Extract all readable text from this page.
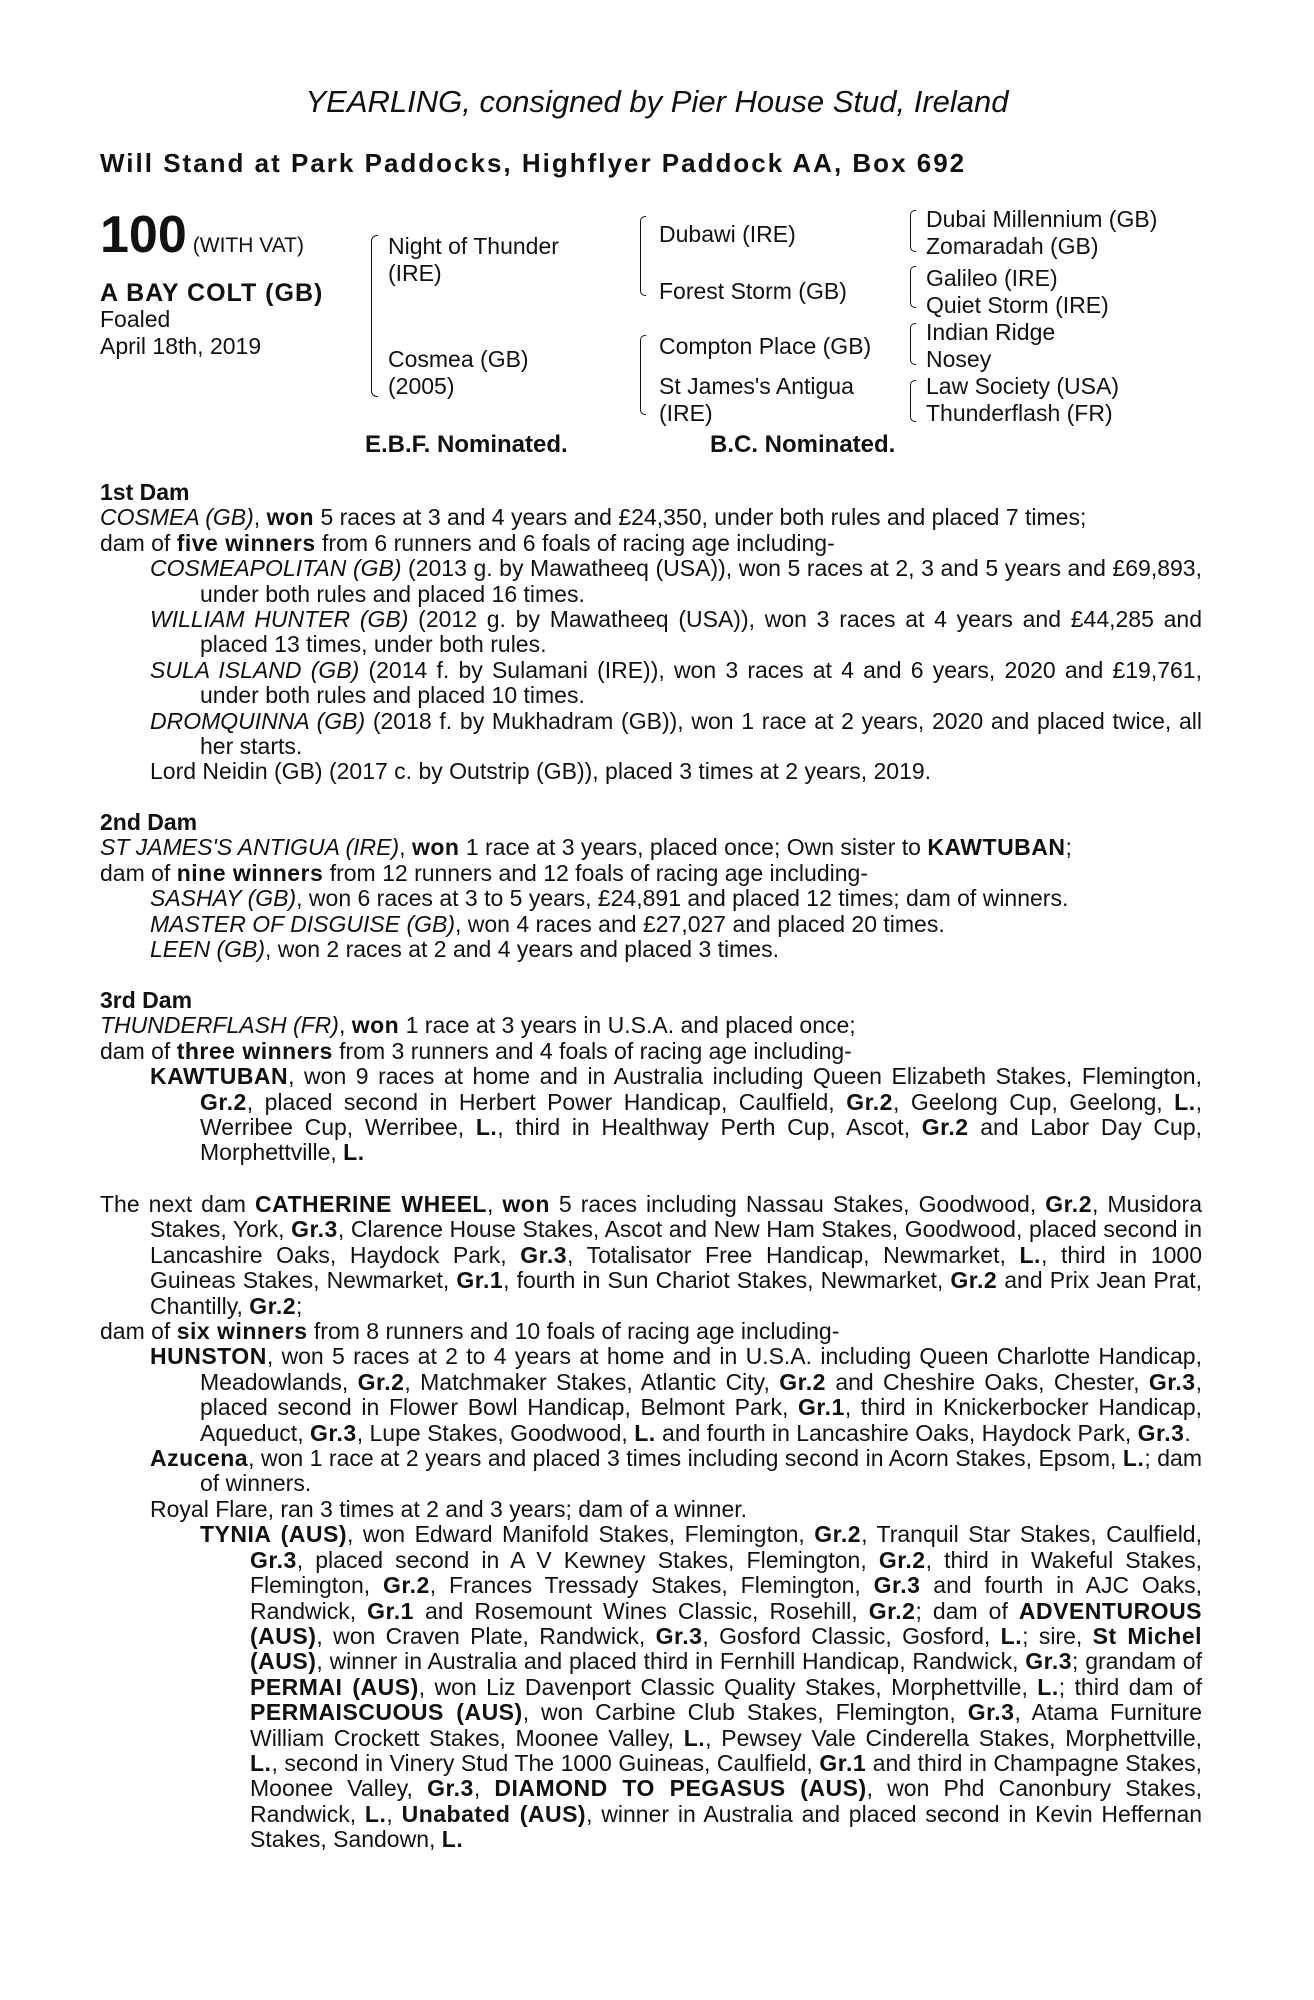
YEARLING, consigned by Pier House Stud, Ireland
Will Stand at Park Paddocks, Highflyer Paddock AA, Box 692
100 (WITH VAT)
A BAY COLT (GB)
Foaled
April 18th, 2019
Night of Thunder
(IRE)
Cosmea (GB)
(2005)
Dubawi (IRE)
Forest Storm (GB)
Compton Place (GB)
St James's Antigua
(IRE)
Dubai Millennium (GB)
Zomaradah (GB)
Galileo (IRE)
Quiet Storm (IRE)
Indian Ridge
Nosey
Law Society (USA)
Thunderflash (FR)
E.B.F. Nominated.	B.C. Nominated.

1st Dam

COSMEA (GB), won 5 races at 3 and 4 years and £24,350, under both rules and placed 7 times;

dam of five winners from 6 runners and 6 foals of racing age including-

COSMEAPOLITAN (GB) (2013 g. by Mawatheeq (USA)), won 5 races at 2, 3 and 5 years and £69,893, under both rules and placed 16 times.

WILLIAM HUNTER (GB) (2012 g. by Mawatheeq (USA)), won 3 races at 4 years and £44,285 and placed 13 times, under both rules.

SULA ISLAND (GB) (2014 f. by Sulamani (IRE)), won 3 races at 4 and 6 years, 2020 and £19,761, under both rules and placed 10 times.

DROMQUINNA (GB) (2018 f. by Mukhadram (GB)), won 1 race at 2 years, 2020 and placed twice, all her starts.

Lord Neidin (GB) (2017 c. by Outstrip (GB)), placed 3 times at 2 years, 2019.

2nd Dam

ST JAMES'S ANTIGUA (IRE), won 1 race at 3 years, placed once; Own sister to KAWTUBAN;

dam of nine winners from 12 runners and 12 foals of racing age including-

SASHAY (GB), won 6 races at 3 to 5 years, £24,891 and placed 12 times; dam of winners.

MASTER OF DISGUISE (GB), won 4 races and £27,027 and placed 20 times.

LEEN (GB), won 2 races at 2 and 4 years and placed 3 times.

3rd Dam

THUNDERFLASH (FR), won 1 race at 3 years in U.S.A. and placed once;

dam of three winners from 3 runners and 4 foals of racing age including-

KAWTUBAN, won 9 races at home and in Australia including Queen Elizabeth Stakes, Flemington, Gr.2, placed second in Herbert Power Handicap, Caulfield, Gr.2, Geelong Cup, Geelong, L., Werribee Cup, Werribee, L., third in Healthway Perth Cup, Ascot, Gr.2 and Labor Day Cup, Morphettville, L.

The next dam CATHERINE WHEEL, won 5 races including Nassau Stakes, Goodwood, Gr.2, Musidora Stakes, York, Gr.3, Clarence House Stakes, Ascot and New Ham Stakes, Goodwood, placed second in Lancashire Oaks, Haydock Park, Gr.3, Totalisator Free Handicap, Newmarket, L., third in 1000 Guineas Stakes, Newmarket, Gr.1, fourth in Sun Chariot Stakes, Newmarket, Gr.2 and Prix Jean Prat, Chantilly, Gr.2;

dam of six winners from 8 runners and 10 foals of racing age including-

HUNSTON, won 5 races at 2 to 4 years at home and in U.S.A. including Queen Charlotte Handicap, Meadowlands, Gr.2, Matchmaker Stakes, Atlantic City, Gr.2 and Cheshire Oaks, Chester, Gr.3, placed second in Flower Bowl Handicap, Belmont Park, Gr.1, third in Knickerbocker Handicap, Aqueduct, Gr.3, Lupe Stakes, Goodwood, L. and fourth in Lancashire Oaks, Haydock Park, Gr.3.

Azucena, won 1 race at 2 years and placed 3 times including second in Acorn Stakes, Epsom, L.; dam of winners.

Royal Flare, ran 3 times at 2 and 3 years; dam of a winner.

TYNIA (AUS), won Edward Manifold Stakes, Flemington, Gr.2, Tranquil Star Stakes, Caulfield, Gr.3, placed second in A V Kewney Stakes, Flemington, Gr.2, third in Wakeful Stakes, Flemington, Gr.2, Frances Tressady Stakes, Flemington, Gr.3 and fourth in AJC Oaks, Randwick, Gr.1 and Rosemount Wines Classic, Rosehill, Gr.2; dam of ADVENTUROUS (AUS), won Craven Plate, Randwick, Gr.3, Gosford Classic, Gosford, L.; sire, St Michel (AUS), winner in Australia and placed third in Fernhill Handicap, Randwick, Gr.3; grandam of PERMAI (AUS), won Liz Davenport Classic Quality Stakes, Morphettville, L.; third dam of PERMAISCUOUS (AUS), won Carbine Club Stakes, Flemington, Gr.3, Atama Furniture William Crockett Stakes, Moonee Valley, L., Pewsey Vale Cinderella Stakes, Morphettville, L., second in Vinery Stud The 1000 Guineas, Caulfield, Gr.1 and third in Champagne Stakes, Moonee Valley, Gr.3, DIAMOND TO PEGASUS (AUS), won Phd Canonbury Stakes, Randwick, L., Unabated (AUS), winner in Australia and placed second in Kevin Heffernan Stakes, Sandown, L.
